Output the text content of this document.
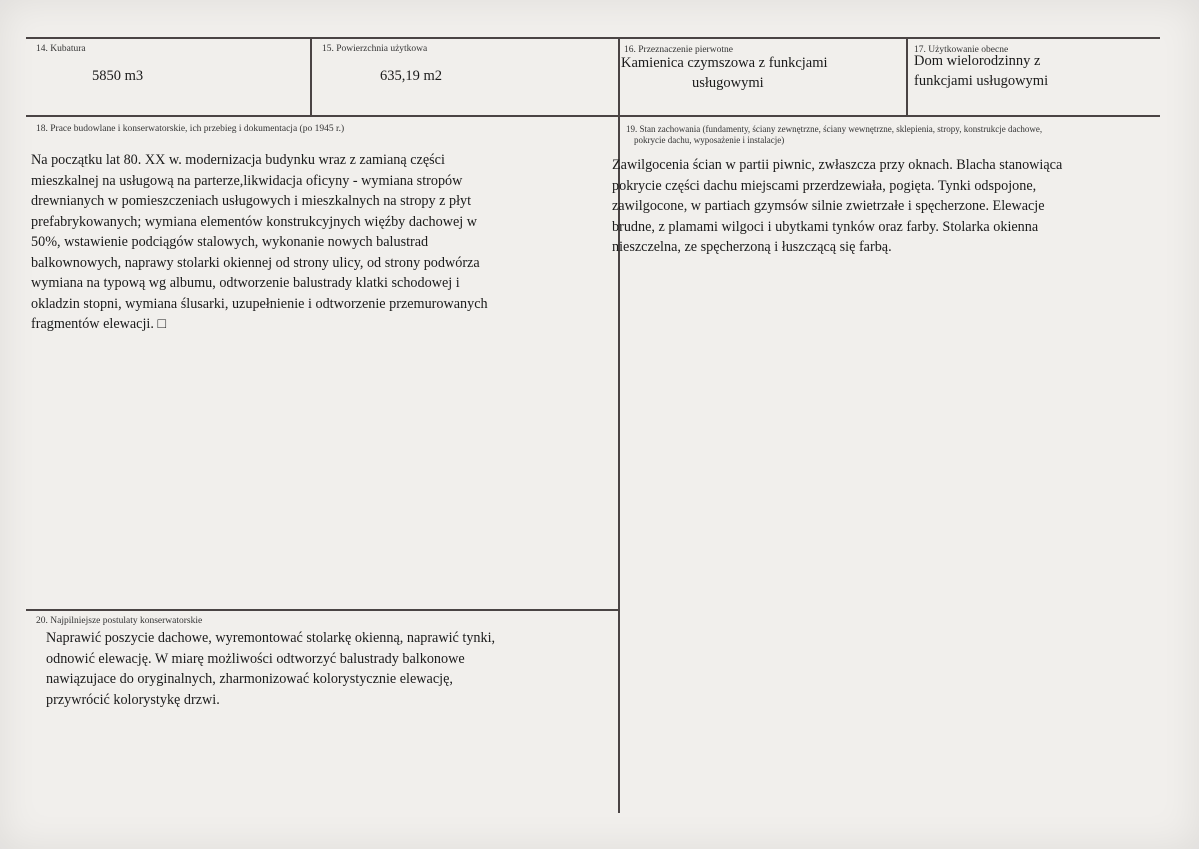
14. Kubatura
5850 m3
15. Powierzchnia użytkowa
635,19 m2
16. Przeznaczenie pierwotne
Kamienica czymszowa z funkcjami
usługowymi
17. Użytkowanie obecne
Dom wielorodzinny z
funkcjami usługowymi
18. Prace budowlane i konserwatorskie, ich przebieg i dokumentacja (po 1945 r.)
Na początku lat 80. XX w. modernizacja budynku wraz z zamianą części
mieszkalnej na usługową na parterze,likwidacja oficyny - wymiana stropów
drewnianych w pomieszczeniach usługowych i mieszkalnych na stropy z płyt
prefabrykowanych; wymiana elementów konstrukcyjnych więźby dachowej w
50%, wstawienie podciągów stalowych, wykonanie nowych balustrad
balkownowych, naprawy stolarki okiennej od strony ulicy, od strony podwórza
wymiana na typową wg albumu, odtworzenie balustrady klatki schodowej i
okladzin stopni, wymiana ślusarki, uzupełnienie i odtworzenie przemurowanych
fragmentów elewacji. □
19. Stan zachowania (fundamenty, ściany zewnętrzne, ściany wewnętrzne, sklepienia, stropy, konstrukcje dachowe,
pokrycie dachu, wyposażenie i instalacje)
Zawilgocenia ścian w partii piwnic, zwłaszcza przy oknach. Blacha stanowiąca
pokrycie części dachu miejscami przerdzewiała, pogięta. Tynki odspojone,
zawilgocone, w partiach gzymsów silnie zwietrzałe i spęcherzone. Elewacje
brudne, z plamami wilgoci i ubytkami tynków oraz farby. Stolarka okienna
nieszczelna, ze spęcherzoną i łuszczącą się farbą.
20. Najpilniejsze postulaty konserwatorskie
Naprawić poszycie dachowe, wyremontować stolarkę okienną, naprawić tynki,
odnowić elewację. W miarę możliwości odtworzyć balustrady balkonowe
nawiązujace do oryginalnych, zharmonizować kolorystycznie elewację,
przywrócić kolorystykę drzwi.
